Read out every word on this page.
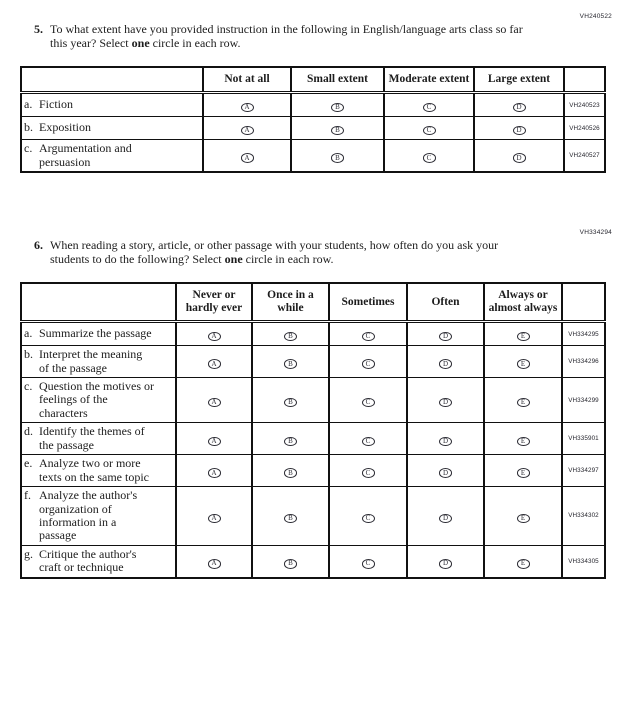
VH240522
5. To what extent have you provided instruction in the following in English/language arts class so far this year? Select one circle in each row.

	Not at all	Small extent	Moderate extent	Large extent	

a. Fiction	A	B	C	D	VH240523

b. Exposition	A	B	C	D	VH240526

c. Argumentation and persuasion	A	B	C	D	VH240527
VH334294
6. When reading a story, article, or other passage with your students, how often do you ask your students to do the following? Select one circle in each row.

	Never or hardly ever	Once in a while	Sometimes	Often	Always or almost always	

a. Summarize the passage	A	B	C	D	E	VH334295

b. Interpret the meaning of the passage	A	B	C	D	E	VH334296

c. Question the motives or feelings of the characters	A	B	C	D	E	VH334299

d. Identify the themes of the passage	A	B	C	D	E	VH335901

e. Analyze two or more texts on the same topic	A	B	C	D	E	VH334297

f. Analyze the author's organization of information in a passage	A	B	C	D	E	VH334302

g. Critique the author's craft or technique	A	B	C	D	E	VH334305
